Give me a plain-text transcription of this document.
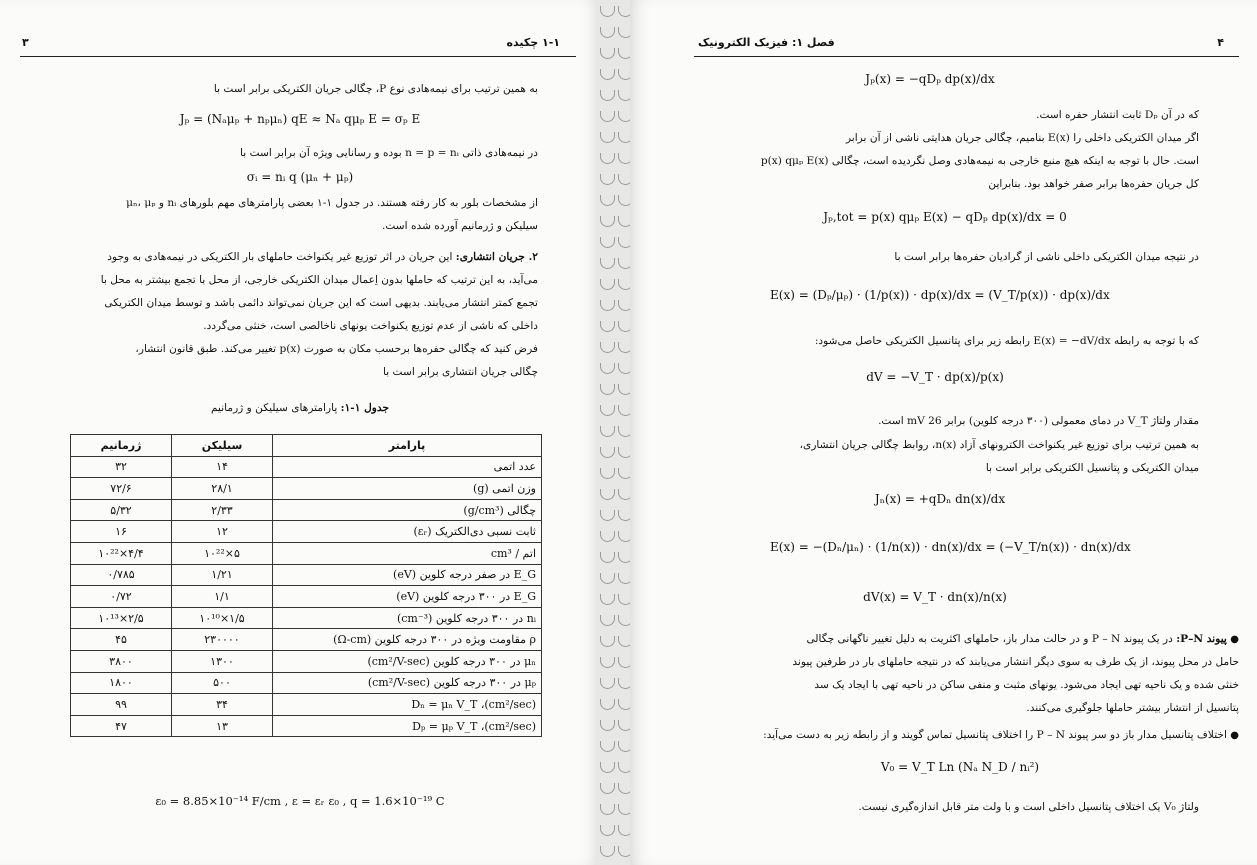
۳	۱-۱ چکیده
به همین ترتیب برای نیمه‌هادی نوع P، چگالی جریان الکتریکی برابر است با
Jₚ = (Nₐμₚ + nₚμₙ) qE ≈ Nₐ qμₚ E = σₚ E
در نیمه‌هادی ذاتی n = p = nᵢ بوده و رسانایی ویژه آن برابر است با
σᵢ = nᵢ q (μₙ + μₚ)
μₙ، μₚ و nᵢ از مشخصات بلور به کار رفته هستند. در جدول ۱-۱ بعضی پارامترهای مهم بلورهای
سیلیکن و ژرمانیم آورده شده است.
۲. جریان انتشاری: این جریان در اثر توزیع غیر یکنواخت حاملهای بار الکتریکی در نیمه‌هادی به وجود
می‌آید، به این ترتیب که حاملها بدون اِعمال میدان الکتریکی خارجی، از محل با تجمع بیشتر به محل با
تجمع کمتر انتشار می‌یابند. بدیهی است که این جریان نمی‌تواند دائمی باشد و توسط میدان الکتریکی
داخلی که ناشی از عدم توزیع یکنواخت یونهای ناخالصی است، خنثی می‌گردد.
فرض کنید که چگالی حفره‌ها برحسب مکان به صورت p(x) تغییر می‌کند. طبق قانون انتشار،
چگالی جریان انتشاری برابر است با
جدول ۱-۱: پارامترهای سیلیکن و ژرمانیم
ژرمانیم	سیلیکن	پارامتر
۳۲	۱۴	عدد اتمی
۷۲/۶	۲۸/۱	وزن اتمی (g)
۵/۳۲	۲/۳۳	چگالی (g/cm³)
۱۶	۱۲	ثابت نسبی دی‌الکتریک (εᵣ)
۴/۴×۱۰²²	۵×۱۰²²	اتم / cm³
۰/۷۸۵	۱/۲۱	E_G در صفر درجه کلوین (eV)
۰/۷۲	۱/۱	E_G در ۳۰۰ درجه کلوین (eV)
۲/۵×۱۰¹³	۱/۵×۱۰¹⁰	nᵢ در ۳۰۰ درجه کلوین (cm⁻³)
۴۵	۲۳۰۰۰۰	ρ مقاومت ویژه در ۳۰۰ درجه کلوین (Ω-cm)
۳۸۰۰	۱۳۰۰	μₙ در ۳۰۰ درجه کلوین (cm²/V-sec)
۱۸۰۰	۵۰۰	μₚ در ۳۰۰ درجه کلوین (cm²/V-sec)
۹۹	۳۴	Dₙ = μₙ V_T ،(cm²/sec)
۴۷	۱۳	Dₚ = μₚ V_T ،(cm²/sec)
ε₀ = 8.85×10⁻¹⁴ F/cm , ε = εᵣ ε₀ , q = 1.6×10⁻¹⁹ C
۴
فصل ۱: فیزیک الکترونیک
Jₚ(x) = −qDₚ dp(x)/dx
که در آن Dₚ ثابت انتشار حفره است.
اگر میدان الکتریکی داخلی را E(x) بنامیم، چگالی جریان هدایتی ناشی از آن برابر
p(x) qμₚ E(x) است. حال با توجه به اینکه هیچ منبع خارجی به نیمه‌هادی وصل نگردیده است، چگالی
کل جریان حفره‌ها برابر صفر خواهد بود. بنابراین
Jₚ,tot = p(x) qμₚ E(x) − qDₚ dp(x)/dx = 0
در نتیجه میدان الکتریکی داخلی ناشی از گرادیان حفره‌ها برابر است با
E(x) = (Dₚ/μₚ) · (1/p(x)) · dp(x)/dx = (V_T/p(x)) · dp(x)/dx
که با توجه به رابطه E(x) = −dV/dx رابطه زیر برای پتانسیل الکتریکی حاصل می‌شود:
dV = −V_T · dp(x)/p(x)
مقدار ولتاژ V_T در دمای معمولی (۳۰۰ درجه کلوین) برابر 26 mV است.
به همین ترتیب برای توزیع غیر یکنواخت الکترونهای آزاد n(x)، روابط چگالی جریان انتشاری،
میدان الکتریکی و پتانسیل الکتریکی برابر است با
Jₙ(x) = +qDₙ dn(x)/dx
E(x) = −(Dₙ/μₙ) · (1/n(x)) · dn(x)/dx = (−V_T/n(x)) · dn(x)/dx
dV(x) = V_T · dn(x)/n(x)
● پیوند P–N: در یک پیوند P – N و در حالت مدار باز، حاملهای اکثریت به دلیل تغییر ناگهانی چگالی
حامل در محل پیوند، از یک طرف به سوی دیگر انتشار می‌یابند که در نتیجه حاملهای بار در طرفین پیوند
خنثی شده و یک ناحیه تهی ایجاد می‌شود. یونهای مثبت و منفی ساکن در ناحیه تهی با ایجاد یک سد
پتانسیل از انتشار بیشتر حاملها جلوگیری می‌کنند.
● اختلاف پتانسیل مدار باز دو سر پیوند P – N را اختلاف پتانسیل تماس گویند و از رابطه زیر به دست می‌آید:
V₀ = V_T Ln (Nₐ N_D / nᵢ²)
ولتاژ V₀ یک اختلاف پتانسیل داخلی است و با ولت متر قابل اندازه‌گیری نیست.
